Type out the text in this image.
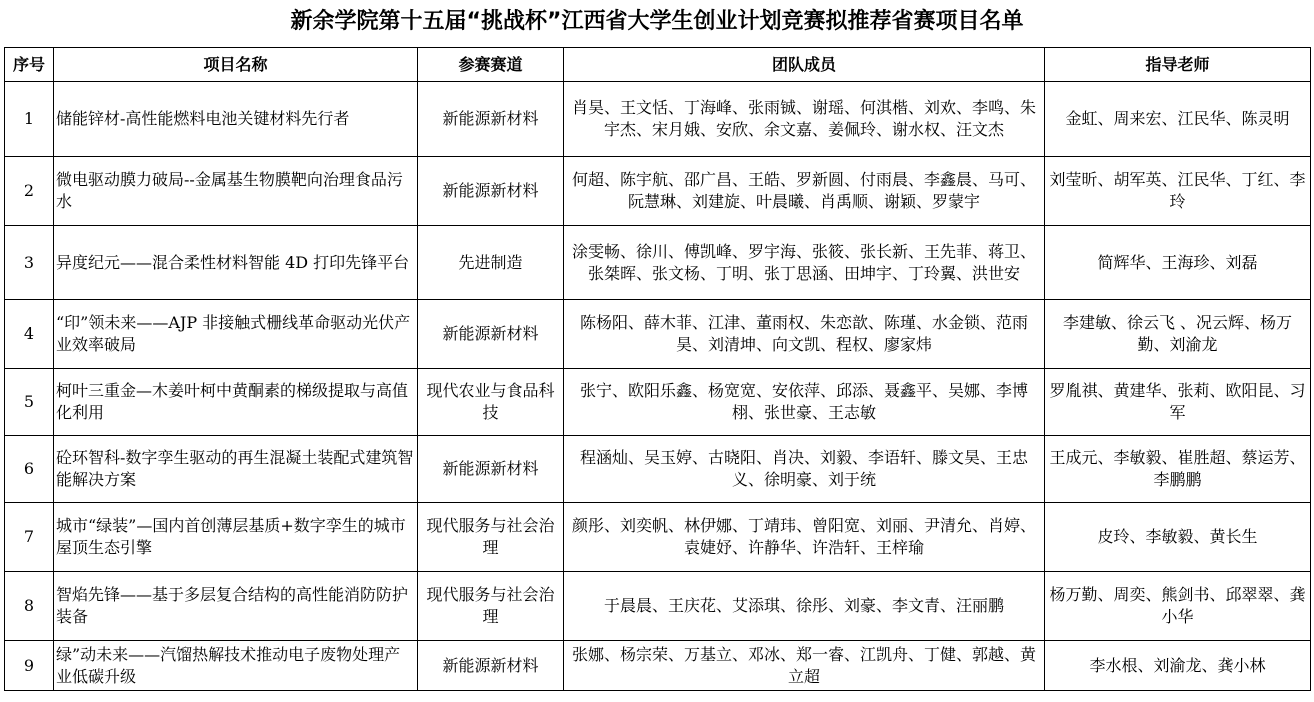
新余学院第十五届“挑战杯”江西省大学生创业计划竞赛拟推荐省赛项目名单
序号	项目名称	参赛赛道	团队成员	指导老师
1	储能锌材-高性能燃料电池关键材料先行者	新能源新材料	肖昊、王文恬、丁海峰、张雨铖、谢瑶、何淇楷、刘欢、李鸣、朱宇杰、宋月娥、安欣、余文嘉、姜佩玲、谢水权、汪文杰	金虹、周来宏、江民华、陈灵明
2	微电驱动膜力破局--金属基生物膜靶向治理食品污水	新能源新材料	何超、陈宇航、邵广昌、王皓、罗新圆、付雨晨、李鑫晨、马可、阮慧琳、刘建旋、叶晨曦、肖禹顺、谢颖、罗蒙宇	刘莹昕、胡军英、江民华、丁红、李玲
3	异度纪元——混合柔性材料智能 4D 打印先锋平台	先进制造	涂雯畅、徐川、傅凯峰、罗宇海、张筱、张长新、王先菲、蒋卫、张桀晖、张文杨、丁明、张丁思涵、田坤宇、丁玲翼、洪世安	简辉华、王海珍、刘磊
4	“印”领未来——AJP 非接触式栅线革命驱动光伏产业效率破局	新能源新材料	陈杨阳、薛木菲、江津、董雨权、朱恋歆、陈瑾、水金锁、范雨昊、刘清坤、向文凯、程权、廖家炜	李建敏、徐云飞 、况云辉、杨万勤、刘渝龙
5	柯叶三重金—木姜叶柯中黄酮素的梯级提取与高值化利用	现代农业与食品科技	张宁、欧阳乐鑫、杨宽宽、安依萍、邱添、聂鑫平、吴娜、李博栩、张世豪、王志敏	罗胤祺、黄建华、张莉、欧阳昆、习军
6	砼环智科-数字孪生驱动的再生混凝土装配式建筑智能解决方案	新能源新材料	程涵灿、吴玉婷、古晓阳、肖决、刘毅、李语轩、滕文昊、王忠义、徐明豪、刘于统	王成元、李敏毅、崔胜超、蔡运芳、李鹏鹏
7	城市“绿装”—国内首创薄层基质+数字孪生的城市屋顶生态引擎	现代服务与社会治理	颜彤、刘奕帆、林伊娜、丁靖玮、曾阳宽、刘丽、尹清允、肖婷、袁婕妤、许静华、许浩轩、王梓瑜	皮玲、李敏毅、黄长生
8	智焰先锋——基于多层复合结构的高性能消防防护装备	现代服务与社会治理	于晨晨、王庆花、艾添琪、徐彤、刘豪、李文青、汪丽鹏	杨万勤、周奕、熊剑书、邱翠翠、龚小华
9	绿”动未来——汽馏热解技术推动电子废物处理产业低碳升级	新能源新材料	张娜、杨宗荣、万基立、邓冰、郑一睿、江凯舟、丁健、郭越、黄立超	李水根、刘渝龙、龚小林
